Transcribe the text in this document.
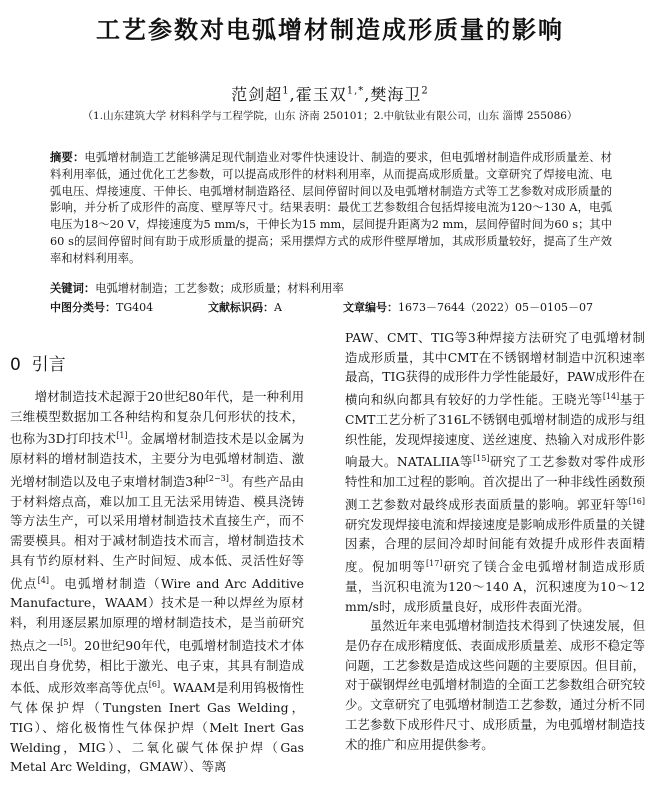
工艺参数对电弧增材制造成形质量的影响
范剑超$^1$,霍玉双$^{1,*}$,樊海卫$^2$
（1.山东建筑大学 材料科学与工程学院，山东 济南 250101；2.中航钛业有限公司，山东 淄博 255086）

摘要：电弧增材制造工艺能够满足现代制造业对零件快速设计、制造的要求，但电弧增材制造件成形质量差、材料利用率低，通过优化工艺参数，可以提高成形件的材料利用率，从而提高成形质量。文章研究了焊接电流、电弧电压、焊接速度、干伸长、电弧增材制造路径、层间停留时间以及电弧增材制造方式等工艺参数对成形质量的影响，并分析了成形件的高度、壁厚等尺寸。结果表明：最优工艺参数组合包括焊接电流为120～130 A，电弧电压为18～20 V，焊接速度为5 mm/s，干伸长为15 mm，层间提升距离为2 mm，层间停留时间为60 s；其中60 s的层间停留时间有助于成形质量的提高；采用摆焊方式的成形件壁厚增加，其成形质量较好，提高了生产效率和材料利用率。

关键词：电弧增材制造；工艺参数；成形质量；材料利用率
中图分类号：TG404	文献标识码：A	文章编号：1673－7644（2022）05－0105－07
0 引言

增材制造技术起源于20世纪80年代，是一种利用三维模型数据加工各种结构和复杂几何形状的技术，也称为3D打印技术[1]。金属增材制造技术是以金属为原材料的增材制造技术，主要分为电弧增材制造、激光增材制造以及电子束增材制造3种[2−3]。有些产品由于材料熔点高，难以加工且无法采用铸造、模具浇铸等方法生产，可以采用增材制造技术直接生产，而不需要模具。相对于减材制造技术而言，增材制造技术具有节约原材料、生产时间短、成本低、灵活性好等优点[4]。电弧增材制造（Wire and Arc Additive Manufacture，WAAM）技术是一种以焊丝为原材料，利用逐层累加原理的增材制造技术，是当前研究热点之一[5]。20世纪90年代，电弧增材制造技术才体现出自身优势，相比于激光、电子束，其具有制造成本低、成形效率高等优点[6]。WAAM是利用钨极惰性气体保护焊（Tungsten Inert Gas Welding，TIG）、熔化极惰性气体保护焊（Melt Inert Gas Welding，MIG）、二氧化碳气体保护焊（Gas Metal Arc Welding，GMAW）、等离

PAW、CMT、TIG等3种焊接方法研究了电弧增材制造成形质量，其中CMT在不锈钢增材制造中沉积速率最高，TIG获得的成形件力学性能最好，PAW成形件在横向和纵向都具有较好的力学性能。王晓光等[14]基于CMT工艺分析了316L不锈钢电弧增材制造的成形与组织性能，发现焊接速度、送丝速度、热输入对成形件影响最大。NATALIIA等[15]研究了工艺参数对零件成形特性和加工过程的影响。首次提出了一种非线性函数预测工艺参数对最终成形表面质量的影响。郭亚轩等[16]研究发现焊接电流和焊接速度是影响成形件质量的关键因素，合理的层间冷却时间能有效提升成形件表面精度。倪加明等[17]研究了镁合金电弧增材制造成形质量，当沉积电流为120～140 A，沉积速度为10～12 mm/s时，成形质量良好，成形件表面光滑。

虽然近年来电弧增材制造技术得到了快速发展，但是仍存在成形精度低、表面成形质量差、成形不稳定等问题，工艺参数是造成这些问题的主要原因。但目前，对于碳钢焊丝电弧增材制造的全面工艺参数组合研究较少。文章研究了电弧增材制造工艺参数，通过分析不同工艺参数下成形件尺寸、成形质量，为电弧增材制造技术的推广和应用提供参考。
